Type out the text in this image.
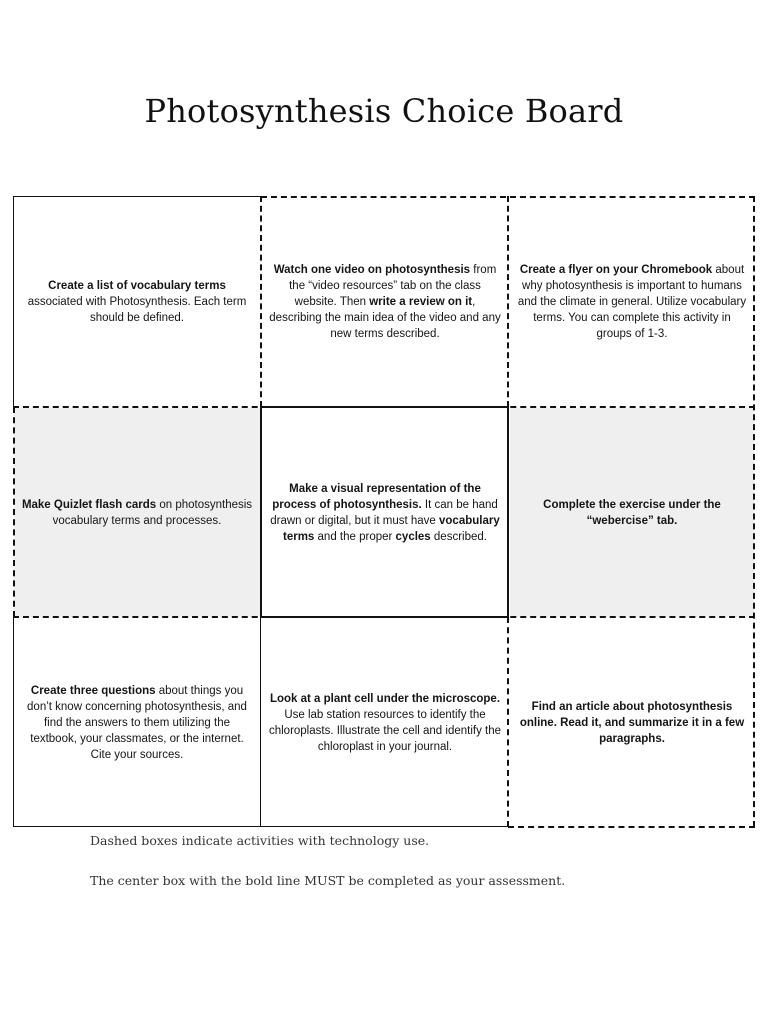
Photosynthesis Choice Board

Create a list of vocabulary terms associated with Photosynthesis. Each term should be defined.

Watch one video on photosynthesis from the “video resources” tab on the class website. Then write a review on it, describing the main idea of the video and any new terms described.

Create a flyer on your Chromebook about why photosynthesis is important to humans and the climate in general. Utilize vocabulary terms. You can complete this activity in groups of 1-3.

Make Quizlet flash cards on photosynthesis vocabulary terms and processes.

Make a visual representation of the process of photosynthesis. It can be hand drawn or digital, but it must have vocabulary terms and the proper cycles described.

Complete the exercise under the “webercise” tab.

Create three questions about things you don’t know concerning photosynthesis, and find the answers to them utilizing the textbook, your classmates, or the internet. Cite your sources.

Look at a plant cell under the microscope. Use lab station resources to identify the chloroplasts. Illustrate the cell and identify the chloroplast in your journal.

Find an article about photosynthesis online. Read it, and summarize it in a few paragraphs.

Dashed boxes indicate activities with technology use.

The center box with the bold line MUST be completed as your assessment.
